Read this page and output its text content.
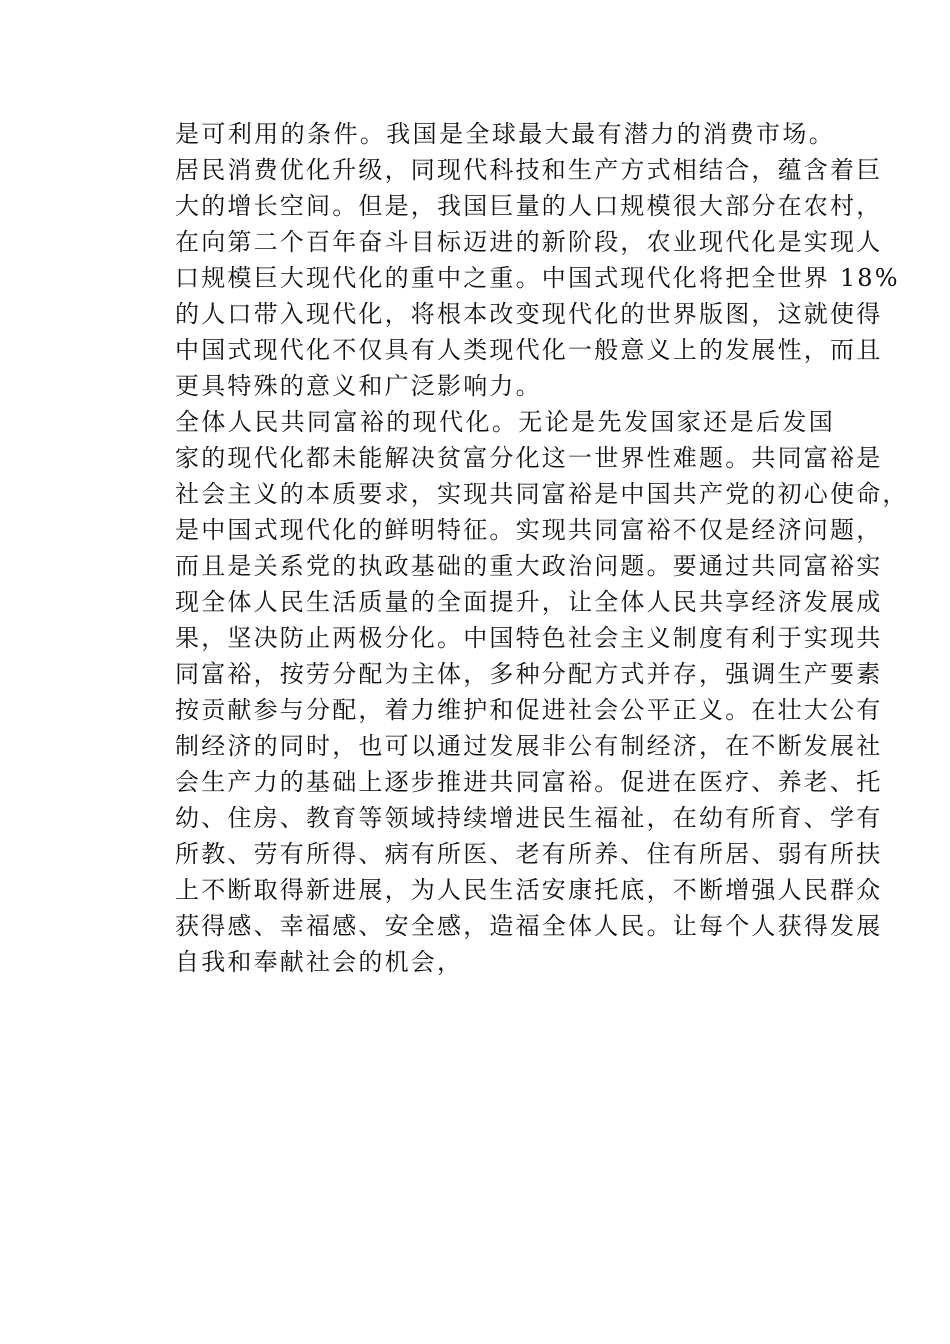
是可利用的条件。我国是全球最大最有潜力的消费市场。
居民消费优化升级，同现代科技和生产方式相结合，蕴含着巨
大的增长空间。但是，我国巨量的人口规模很大部分在农村，
在向第二个百年奋斗目标迈进的新阶段，农业现代化是实现人
口规模巨大现代化的重中之重。中国式现代化将把全世界 18%
的人口带入现代化，将根本改变现代化的世界版图，这就使得
中国式现代化不仅具有人类现代化一般意义上的发展性，而且
更具特殊的意义和广泛影响力。

全体人民共同富裕的现代化。无论是先发国家还是后发国
家的现代化都未能解决贫富分化这一世界性难题。共同富裕是
社会主义的本质要求，实现共同富裕是中国共产党的初心使命，
是中国式现代化的鲜明特征。实现共同富裕不仅是经济问题，
而且是关系党的执政基础的重大政治问题。要通过共同富裕实
现全体人民生活质量的全面提升，让全体人民共享经济发展成
果，坚决防止两极分化。中国特色社会主义制度有利于实现共
同富裕，按劳分配为主体，多种分配方式并存，强调生产要素
按贡献参与分配，着力维护和促进社会公平正义。在壮大公有
制经济的同时，也可以通过发展非公有制经济，在不断发展社
会生产力的基础上逐步推进共同富裕。促进在医疗、养老、托
幼、住房、教育等领域持续增进民生福祉，在幼有所育、学有
所教、劳有所得、病有所医、老有所养、住有所居、弱有所扶
上不断取得新进展，为人民生活安康托底，不断增强人民群众
获得感、幸福感、安全感，造福全体人民。让每个人获得发展
自我和奉献社会的机会，
